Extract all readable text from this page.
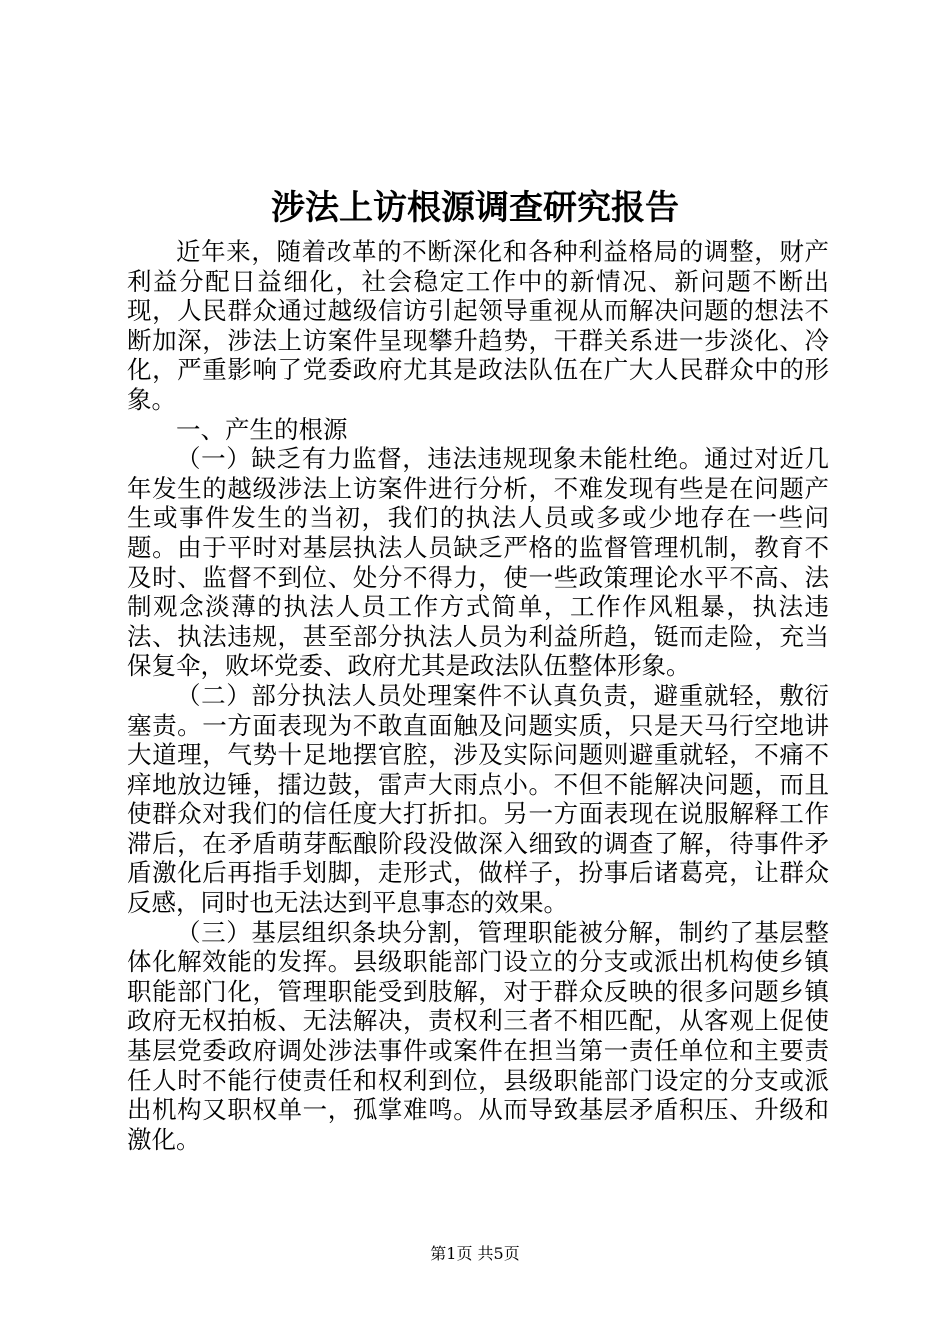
涉法上访根源调查研究报告

近年来，随着改革的不断深化和各种利益格局的调整，财产利益分配日益细化，社会稳定工作中的新情况、新问题不断出现，人民群众通过越级信访引起领导重视从而解决问题的想法不断加深，涉法上访案件呈现攀升趋势，干群关系进一步淡化、冷化，严重影响了党委政府尤其是政法队伍在广大人民群众中的形象。

一、产生的根源

（一）缺乏有力监督，违法违规现象未能杜绝。通过对近几年发生的越级涉法上访案件进行分析，不难发现有些是在问题产生或事件发生的当初，我们的执法人员或多或少地存在一些问题。由于平时对基层执法人员缺乏严格的监督管理机制，教育不及时、监督不到位、处分不得力，使一些政策理论水平不高、法制观念淡薄的执法人员工作方式简单，工作作风粗暴，执法违法、执法违规，甚至部分执法人员为利益所趋，铤而走险，充当保复伞，败坏党委、政府尤其是政法队伍整体形象。

（二）部分执法人员处理案件不认真负责，避重就轻，敷衍塞责。一方面表现为不敢直面触及问题实质，只是天马行空地讲大道理，气势十足地摆官腔，涉及实际问题则避重就轻，不痛不痒地放边锤，擂边鼓，雷声大雨点小。不但不能解决问题，而且使群众对我们的信任度大打折扣。另一方面表现在说服解释工作滞后，在矛盾萌芽酝酿阶段没做深入细致的调查了解，待事件矛盾激化后再指手划脚，走形式，做样子，扮事后诸葛亮，让群众反感，同时也无法达到平息事态的效果。

（三）基层组织条块分割，管理职能被分解，制约了基层整体化解效能的发挥。县级职能部门设立的分支或派出机构使乡镇职能部门化，管理职能受到肢解，对于群众反映的很多问题乡镇政府无权拍板、无法解决，责权利三者不相匹配，从客观上促使基层党委政府调处涉法事件或案件在担当第一责任单位和主要责任人时不能行使责任和权利到位，县级职能部门设定的分支或派出机构又职权单一，孤掌难鸣。从而导致基层矛盾积压、升级和激化。

第1页 共5页
